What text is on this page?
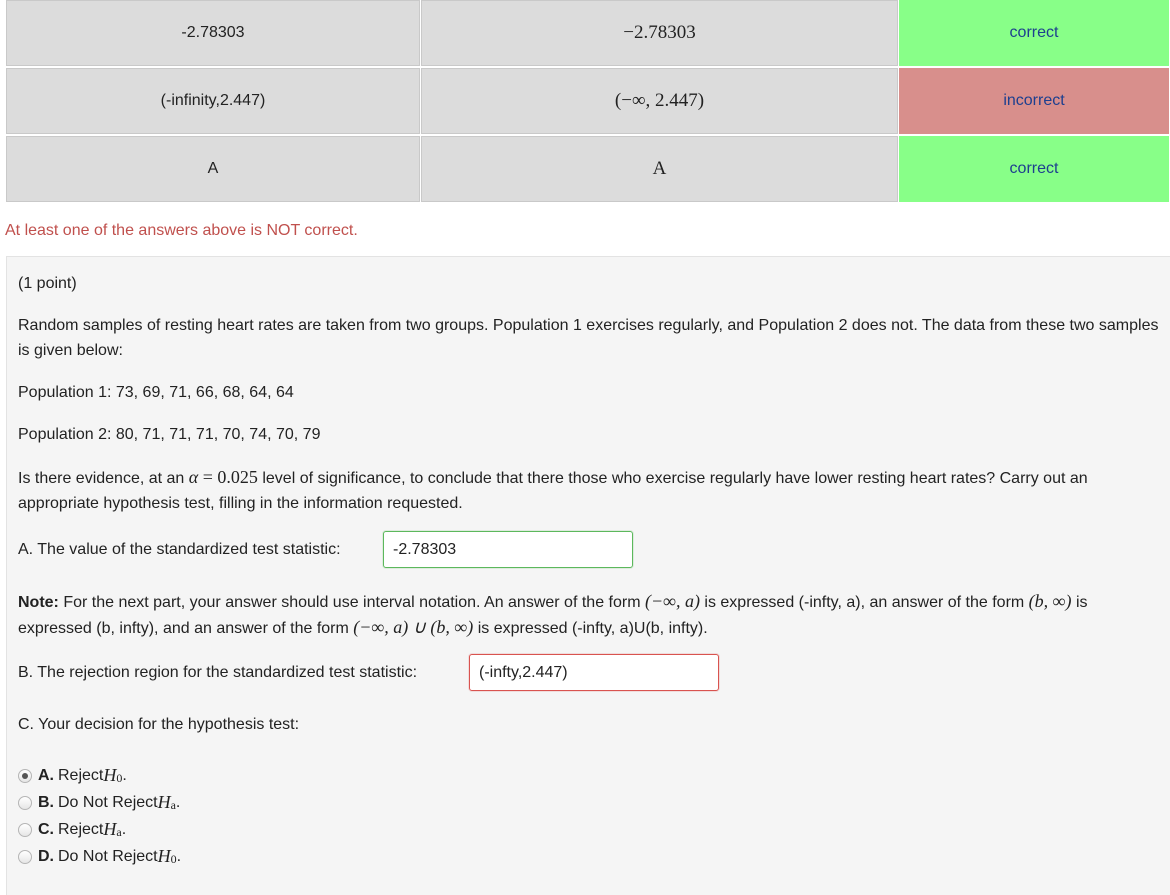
-2.78303	−2.78303	correct
(-infinity,2.447)	(−∞, 2.447)	incorrect
A	A	correct
At least one of the answers above is NOT correct.

(1 point)

Random samples of resting heart rates are taken from two groups. Population 1 exercises regularly, and Population 2 does not. The data from these two samples is given below:

Population 1: 73, 69, 71, 66, 68, 64, 64

Population 2: 80, 71, 71, 71, 70, 74, 70, 79

Is there evidence, at an α = 0.025 level of significance, to conclude that there those who exercise regularly have lower resting heart rates? Carry out an appropriate hypothesis test, filling in the information requested.

A. The value of the standardized test statistic:	-2.78303

Note: For the next part, your answer should use interval notation. An answer of the form (−∞, a) is expressed (-infty, a), an answer of the form (b, ∞) is expressed (b, infty), and an answer of the form (−∞, a) ∪ (b, ∞) is expressed (-infty, a)U(b, infty).

B. The rejection region for the standardized test statistic:	(-infty,2.447)

C. Your decision for the hypothesis test:

A. Reject H 0 .
B. Do Not Reject H a .
C. Reject H a .
D. Do Not Reject H 0 .
